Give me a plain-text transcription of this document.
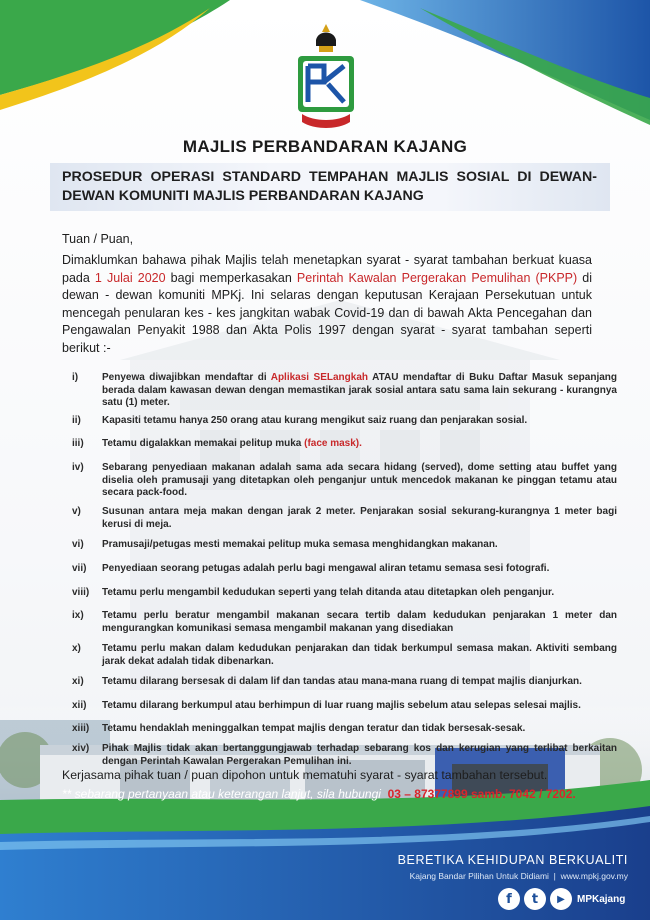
MAJLIS PERBANDARAN KAJANG
PROSEDUR OPERASI STANDARD TEMPAHAN MAJLIS SOSIAL DI DEWAN-DEWAN KOMUNITI MAJLIS PERBANDARAN KAJANG
Tuan / Puan,
Dimaklumkan bahawa pihak Majlis telah menetapkan syarat - syarat tambahan berkuat kuasa pada 1 Julai 2020 bagi memperkasakan Perintah Kawalan Pergerakan Pemulihan (PKPP) di dewan - dewan komuniti MPKj. Ini selaras dengan keputusan Kerajaan Persekutuan untuk mencegah penularan kes - kes jangkitan wabak Covid-19 dan di bawah Akta Pencegahan dan Pengawalan Penyakit 1988 dan Akta Polis 1997 dengan syarat - syarat tambahan seperti berikut :-
i)	Penyewa diwajibkan mendaftar di Aplikasi SELangkah ATAU mendaftar di Buku Daftar Masuk sepanjang berada dalam kawasan dewan dengan memastikan jarak sosial antara satu sama lain sekurang - kurangnya satu (1) meter.
ii)	Kapasiti tetamu hanya 250 orang atau kurang mengikut saiz ruang dan penjarakan sosial.
iii)	Tetamu digalakkan memakai pelitup muka (face mask).
iv)	Sebarang penyediaan makanan adalah sama ada secara hidang (served), dome setting atau buffet yang diselia oleh pramusaji yang ditetapkan oleh penganjur untuk mencedok makanan ke pinggan tetamu atau secara pack-food.
v)	Susunan antara meja makan dengan jarak 2 meter. Penjarakan sosial sekurang-kurangnya 1 meter bagi kerusi di meja.
vi)	Pramusaji/petugas mesti memakai pelitup muka semasa menghidangkan makanan.
vii)	Penyediaan seorang petugas adalah perlu bagi mengawal aliran tetamu semasa sesi fotografi.
viii)	Tetamu perlu mengambil kedudukan seperti yang telah ditanda atau ditetapkan oleh penganjur.
ix)	Tetamu perlu beratur mengambil makanan secara tertib dalam kedudukan penjarakan 1 meter dan mengurangkan komunikasi semasa mengambil makanan yang disediakan
x)	Tetamu perlu makan dalam kedudukan penjarakan dan tidak berkumpul semasa makan. Aktiviti sembang jarak dekat adalah tidak dibenarkan.
xi)	Tetamu dilarang bersesak di dalam lif dan tandas atau mana-mana ruang di tempat majlis dianjurkan.
xii)	Tetamu dilarang berkumpul atau berhimpun di luar ruang majlis sebelum atau selepas selesai majlis.
xiii)	Tetamu hendaklah meninggalkan tempat majlis dengan teratur dan tidak bersesak-sesak.
xiv)	Pihak Majlis tidak akan bertanggungjawab terhadap sebarang kos dan kerugian yang terlibat berkaitan dengan Perintah Kawalan Pergerakan Pemulihan ini.
Kerjasama pihak tuan / puan dipohon untuk mematuhi syarat - syarat tambahan tersebut.
** sebarang pertanyaan atau keterangan lanjut, sila hubungi 03 – 87377899 samb. 7042 / 7202.
BERETIKA KEHIDUPAN BERKUALITI
Kajang Bandar Pilihan Untuk Didiami  |  www.mpkj.gov.my
f	t	▶	MPKajang
